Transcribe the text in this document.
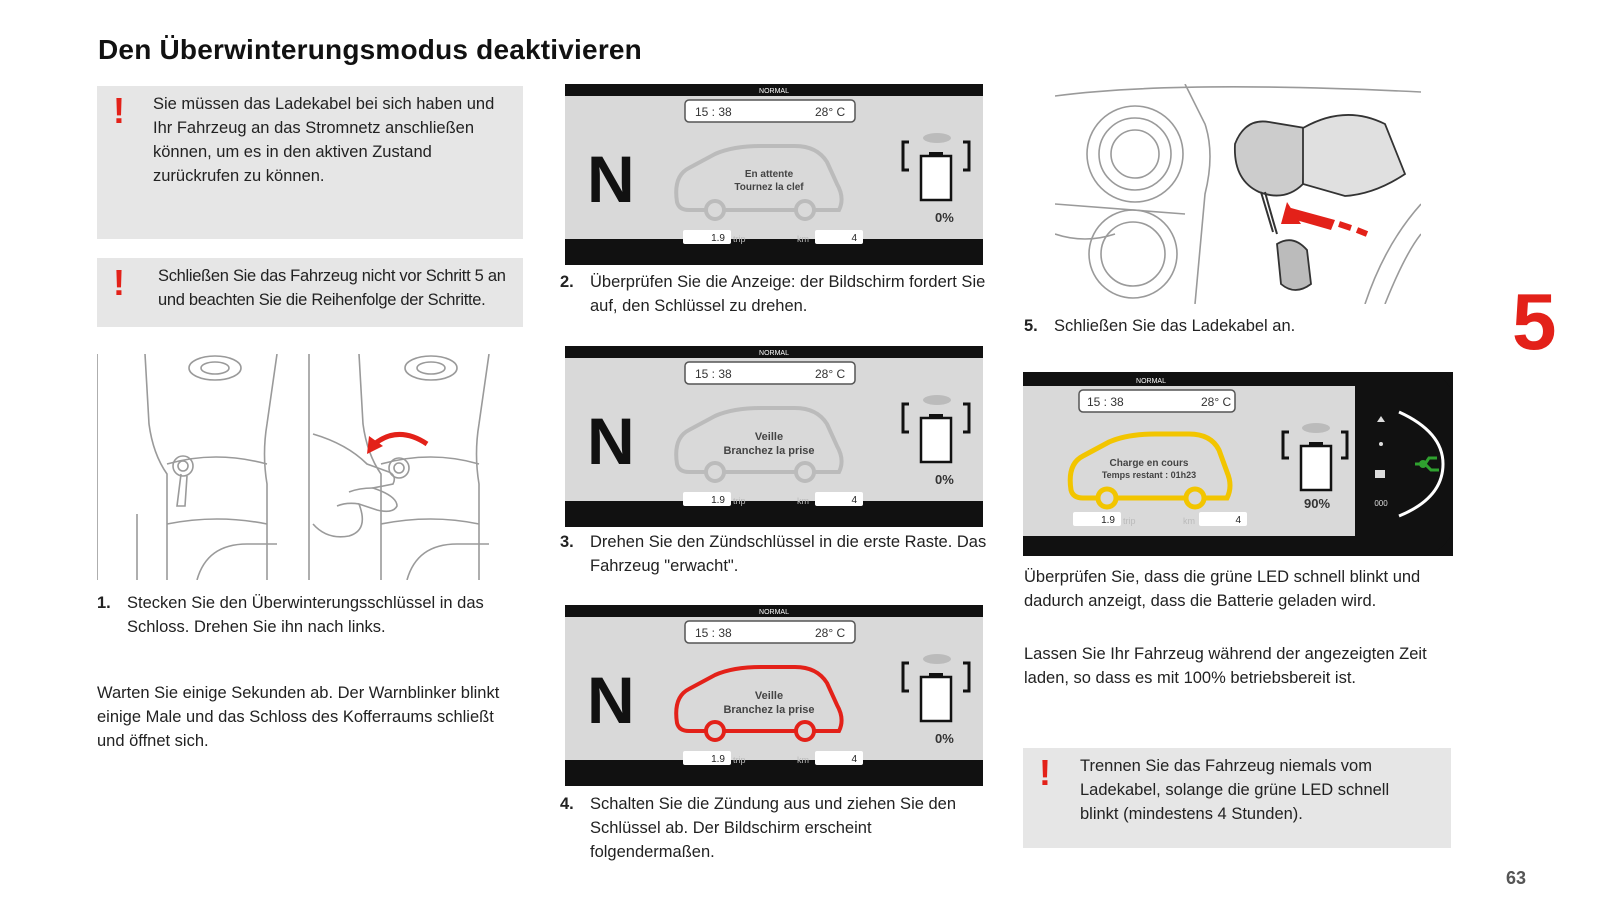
Den Überwinterungsmodus deaktivieren
! Sie müssen das Ladekabel bei sich haben und Ihr Fahrzeug an das Stromnetz anschließen können, um es in den aktiven Zustand zurückrufen zu können.
! Schließen Sie das Fahrzeug nicht vor Schritt 5 an und beachten Sie die Reihenfolge der Schritte.
1. Stecken Sie den Überwinterungsschlüssel in das Schloss. Drehen Sie ihn nach links.
Warten Sie einige Sekunden ab. Der Warnblinker blinkt einige Male und das Schloss des Kofferraums schließt und öffnet sich.
NORMAL
15 : 38	28° C
N	En attente
Tournez la clef
0%
1.9 trip	km	4
2. Überprüfen Sie die Anzeige: der Bildschirm fordert Sie auf, den Schlüssel zu drehen.
NORMAL
15 : 38	28° C
N	Veille
Branchez la prise
0%
1.9 trip	km	4
3. Drehen Sie den Zündschlüssel in die erste Raste. Das Fahrzeug "erwacht".
NORMAL
15 : 38	28° C
N	Veille
Branchez la prise
0%
1.9 trip	km	4
4. Schalten Sie die Zündung aus und ziehen Sie den Schlüssel ab. Der Bildschirm erscheint folgendermaßen.
5. Schließen Sie das Ladekabel an.	5
NORMAL
15 : 38	28° C
Charge en cours
Temps restant : 01h23
90%
1.9 trip	km	4
000
Überprüfen Sie, dass die grüne LED schnell blinkt und dadurch anzeigt, dass die Batterie geladen wird.
Lassen Sie Ihr Fahrzeug während der angezeigten Zeit laden, so dass es mit 100% betriebsbereit ist.
! Trennen Sie das Fahrzeug niemals vom Ladekabel, solange die grüne LED schnell blinkt (mindestens 4 Stunden).
63
